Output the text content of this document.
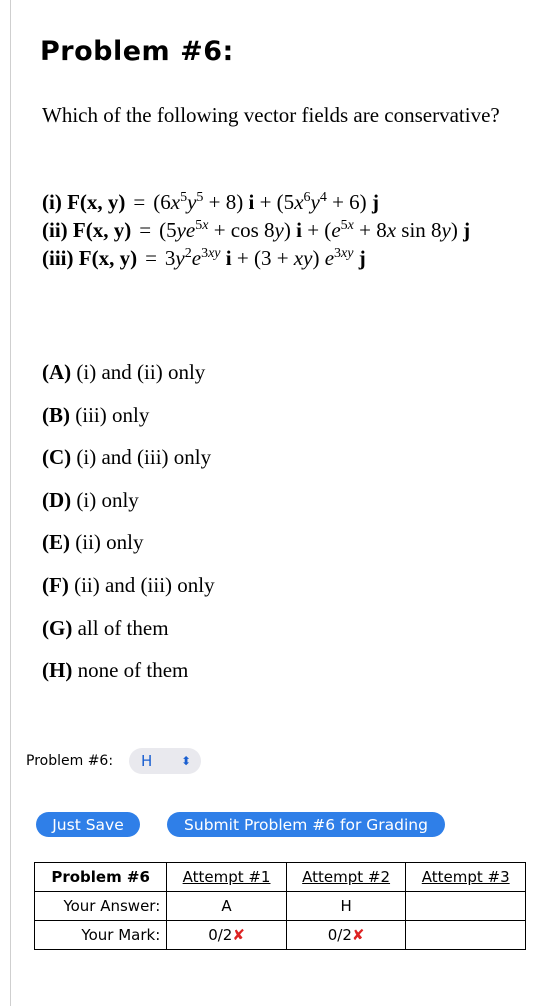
Problem #6:
Which of the following vector fields are conservative?
(i) F(x, $y) = (6x^5y^5 + 8) i + (5x^6y^4 + 6)$ j
(ii) F(x, $y) = (5ye^{5x} + \cos 8y) i + (e^{5x} + 8x$ sin 8y) j
(iii) F(x, $y) = 3y^2e^{3xy}$ i + (3 + xy) $e^{3xy}$ j
(A) (i) and (ii) only
(B) (iii) only
(C) (i) and (iii) only
(D) (i) only
(E) (ii) only
(F) (ii) and (iii) only
(G) all of them
(H) none of them
Problem #6: H ⬍
Just Save	Submit Problem #6 for Grading
Problem #6	Attempt #1	Attempt #2	Attempt #3
Your Answer:	A	H	
Your Mark:	0/2✘	0/2✘	
